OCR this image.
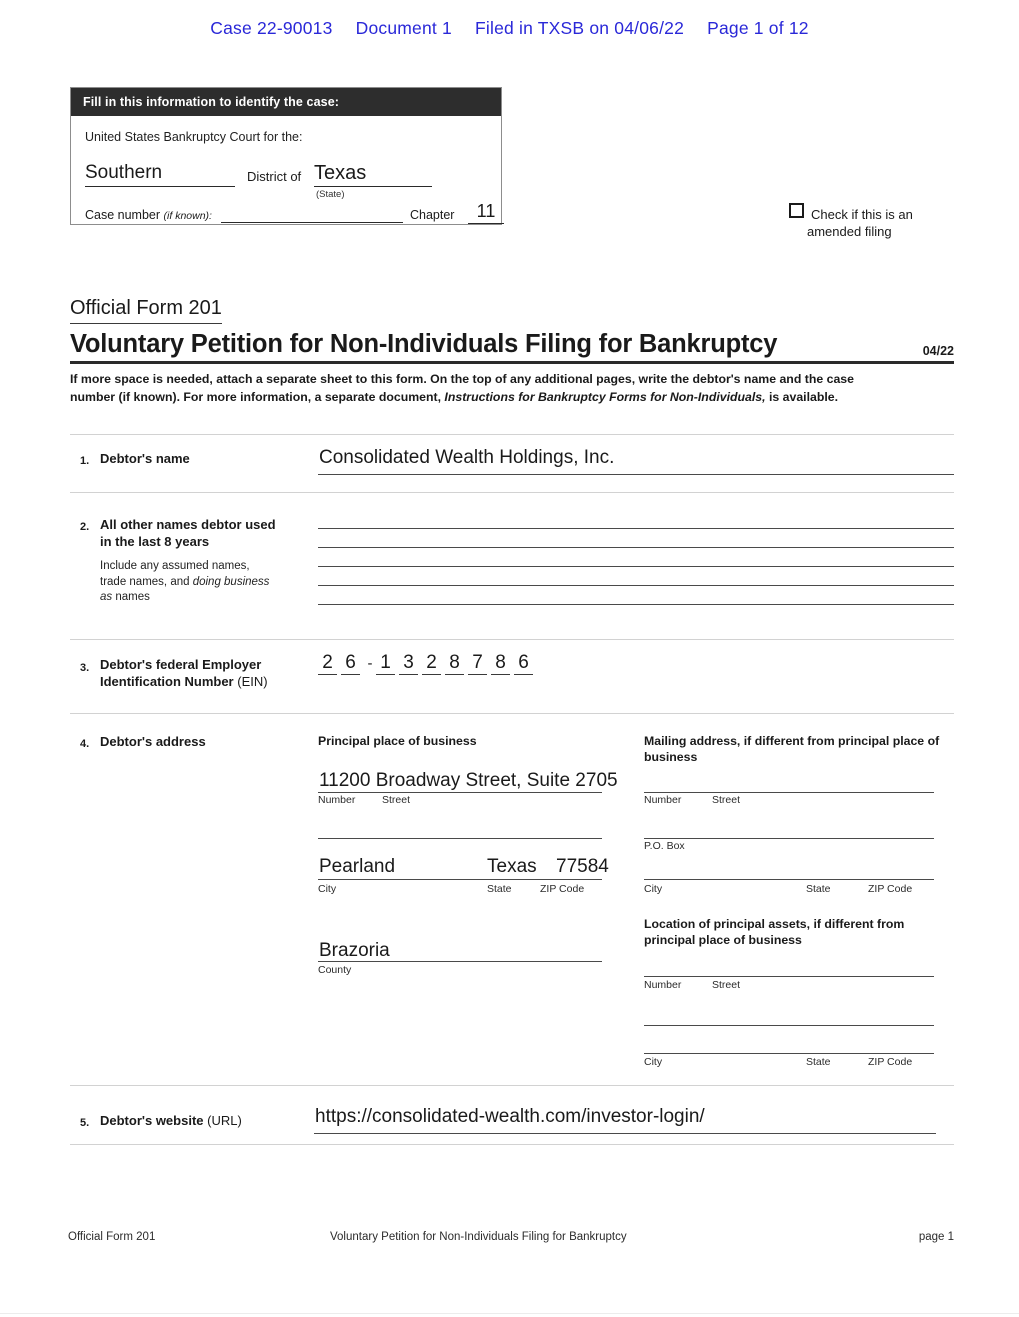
Case 22-90013 Document 1 Filed in TXSB on 04/06/22 Page 1 of 12
Fill in this information to identify the case:
United States Bankruptcy Court for the:
Southern	District of Texas
(State)
Case number (if known):	Chapter	11	Check if this is an
amended filing
Official Form 201
Voluntary Petition for Non-Individuals Filing for Bankruptcy	04/22
If more space is needed, attach a separate sheet to this form. On the top of any additional pages, write the debtor's name and the case number (if known). For more information, a separate document, Instructions for Bankruptcy Forms for Non-Individuals, is available.
1. Debtor's name	Consolidated Wealth Holdings, Inc.
2. All other names debtor used
in the last 8 years
Include any assumed names,
trade names, and doing business
as names
3. Debtor's federal Employer
Identification Number (EIN)
2 6 - 1 3 2 8 7 8 6
4. Debtor's address	Principal place of business
11200 Broadway Street, Suite 2705
Number	Street
Pearland	Texas 77584
City	State	ZIP Code
Brazoria
County
Mailing address, if different from principal place of business
Number	Street
P.O. Box
City	State	ZIP Code
Location of principal assets, if different from principal place of business
Number	Street
City	State	ZIP Code
5. Debtor's website (URL)	https://consolidated-wealth.com/investor-login/
Official Form 201	Voluntary Petition for Non-Individuals Filing for Bankruptcy	page 1
